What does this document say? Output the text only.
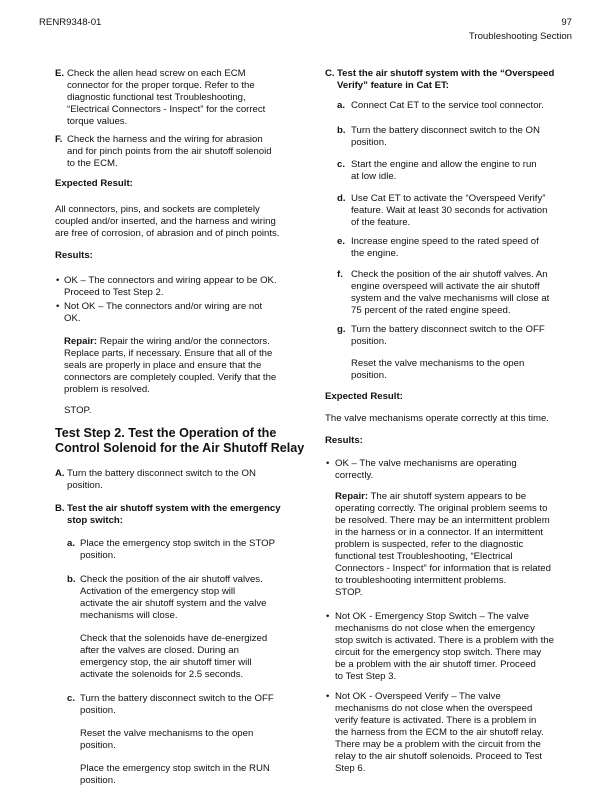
RENR9348-01	97
Troubleshooting Section
E. Check the allen head screw on each ECM
connector for the proper torque. Refer to the
diagnostic functional test Troubleshooting,
“Electrical Connectors - Inspect” for the correct
torque values.
F. Check the harness and the wiring for abrasion
and for pinch points from the air shutoff solenoid
to the ECM.
Expected Result:
All connectors, pins, and sockets are completely
coupled and/or inserted, and the harness and wiring
are free of corrosion, of abrasion and of pinch points.
Results:
• OK – The connectors and wiring appear to be OK.
Proceed to Test Step 2.
• Not OK – The connectors and/or wiring are not
OK.
Repair: Repair the wiring and/or the connectors.
Replace parts, if necessary. Ensure that all of the
seals are properly in place and ensure that the
connectors are completely coupled. Verify that the
problem is resolved.
STOP.
Test Step 2. Test the Operation of the
Control Solenoid for the Air Shutoff Relay
A. Turn the battery disconnect switch to the ON
position.
B. Test the air shutoff system with the emergency
stop switch:
a. Place the emergency stop switch in the STOP
position.
b. Check the position of the air shutoff valves.
Activation of the emergency stop will
activate the air shutoff system and the valve
mechanisms will close.
Check that the solenoids have de-energized
after the valves are closed. During an
emergency stop, the air shutoff timer will
activate the solenoids for 2.5 seconds.
c. Turn the battery disconnect switch to the OFF
position.
Reset the valve mechanisms to the open
position.
Place the emergency stop switch in the RUN
position.
C. Test the air shutoff system with the “Overspeed
Verify” feature in Cat ET:
a. Connect Cat ET to the service tool connector.
b. Turn the battery disconnect switch to the ON
position.
c. Start the engine and allow the engine to run
at low idle.
d. Use Cat ET to activate the “Overspeed Verify”
feature. Wait at least 30 seconds for activation
of the feature.
e. Increase engine speed to the rated speed of
the engine.
f. Check the position of the air shutoff valves. An
engine overspeed will activate the air shutoff
system and the valve mechanisms will close at
75 percent of the rated engine speed.
g. Turn the battery disconnect switch to the OFF
position.
Reset the valve mechanisms to the open
position.
Expected Result:
The valve mechanisms operate correctly at this time.
Results:
• OK – The valve mechanisms are operating
correctly.
Repair: The air shutoff system appears to be
operating correctly. The original problem seems to
be resolved. There may be an intermittent problem
in the harness or in a connector. If an intermittent
problem is suspected, refer to the diagnostic
functional test Troubleshooting, “Electrical
Connectors - Inspect” for information that is related
to troubleshooting intermittent problems.
STOP.
• Not OK - Emergency Stop Switch – The valve
mechanisms do not close when the emergency
stop switch is activated. There is a problem with the
circuit for the emergency stop switch. There may
be a problem with the air shutoff timer. Proceed
to Test Step 3.
• Not OK - Overspeed Verify – The valve
mechanisms do not close when the overspeed
verify feature is activated. There is a problem in
the harness from the ECM to the air shutoff relay.
There may be a problem with the circuit from the
relay to the air shutoff solenoids. Proceed to Test
Step 6.
